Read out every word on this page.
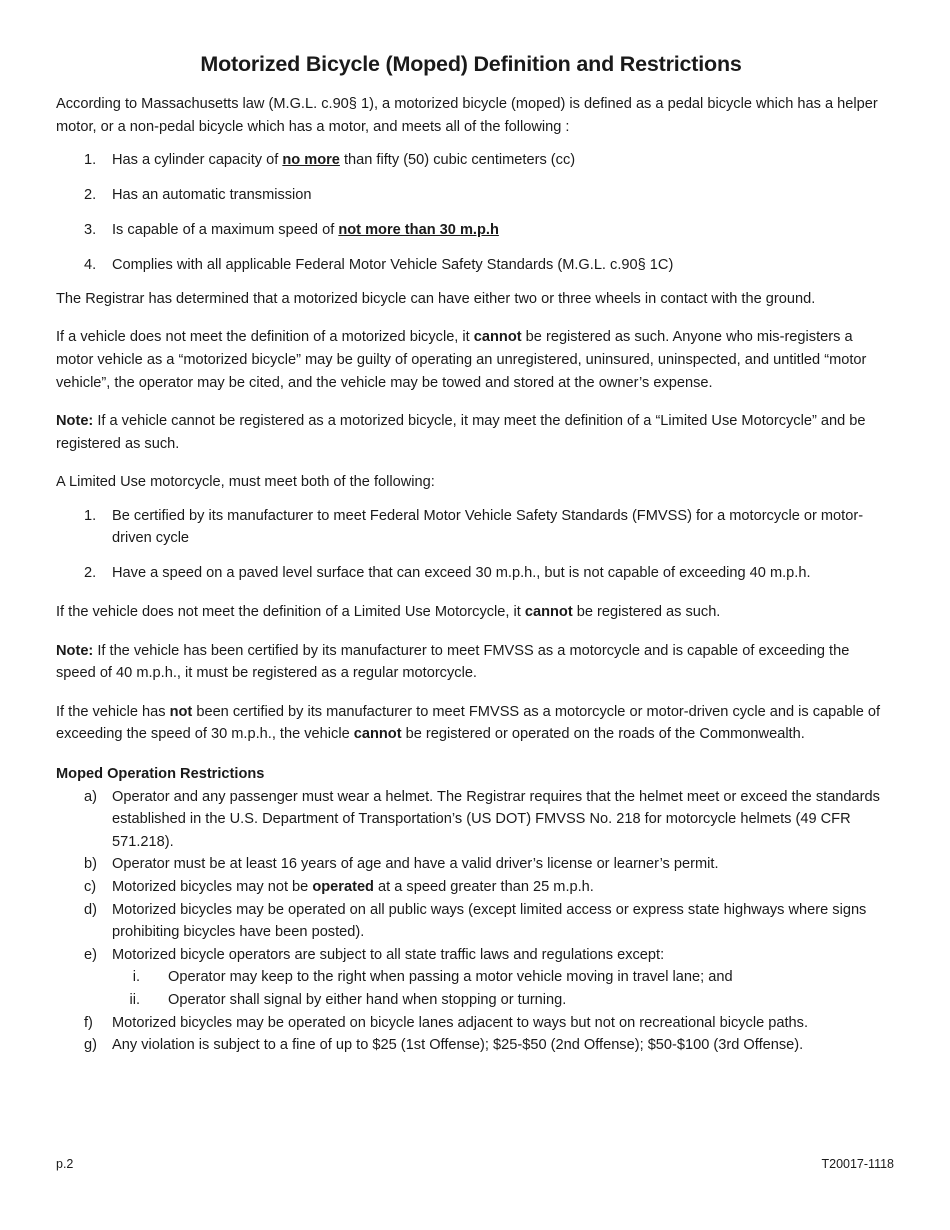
Motorized Bicycle (Moped) Definition and Restrictions

According to Massachusetts law (M.G.L. c.90§ 1), a motorized bicycle (moped) is defined as a pedal bicycle which has a helper motor, or a non-pedal bicycle which has a motor, and meets all of the following :

1. Has a cylinder capacity of no more than fifty (50) cubic centimeters (cc)
2. Has an automatic transmission
3. Is capable of a maximum speed of not more than 30 m.p.h
4. Complies with all applicable Federal Motor Vehicle Safety Standards (M.G.L. c.90§ 1C)

The Registrar has determined that a motorized bicycle can have either two or three wheels in contact with the ground.

If a vehicle does not meet the definition of a motorized bicycle, it cannot be registered as such. Anyone who mis-registers a motor vehicle as a “motorized bicycle” may be guilty of operating an unregistered, uninsured, uninspected, and untitled “motor vehicle”, the operator may be cited, and the vehicle may be towed and stored at the owner’s expense.

Note: If a vehicle cannot be registered as a motorized bicycle, it may meet the definition of a “Limited Use Motorcycle” and be registered as such.

A Limited Use motorcycle, must meet both of the following:

1. Be certified by its manufacturer to meet Federal Motor Vehicle Safety Standards (FMVSS) for a motorcycle or motor-driven cycle
2. Have a speed on a paved level surface that can exceed 30 m.p.h., but is not capable of exceeding 40 m.p.h.

If the vehicle does not meet the definition of a Limited Use Motorcycle, it cannot be registered as such.

Note: If the vehicle has been certified by its manufacturer to meet FMVSS as a motorcycle and is capable of exceeding the speed of 40 m.p.h., it must be registered as a regular motorcycle.

If the vehicle has not been certified by its manufacturer to meet FMVSS as a motorcycle or motor-driven cycle and is capable of exceeding the speed of 30 m.p.h., the vehicle cannot be registered or operated on the roads of the Commonwealth.

Moped Operation Restrictions
a) Operator and any passenger must wear a helmet. The Registrar requires that the helmet meet or exceed the standards established in the U.S. Department of Transportation’s (US DOT) FMVSS No. 218 for motorcycle helmets (49 CFR 571.218).
b) Operator must be at least 16 years of age and have a valid driver’s license or learner’s permit.
c) Motorized bicycles may not be operated at a speed greater than 25 m.p.h.
d) Motorized bicycles may be operated on all public ways (except limited access or express state highways where signs prohibiting bicycles have been posted).
e) Motorized bicycle operators are subject to all state traffic laws and regulations except:
i. Operator may keep to the right when passing a motor vehicle moving in travel lane; and
ii. Operator shall signal by either hand when stopping or turning.
f) Motorized bicycles may be operated on bicycle lanes adjacent to ways but not on recreational bicycle paths.
g) Any violation is subject to a fine of up to $25 (1st Offense); $25-$50 (2nd Offense); $50-$100 (3rd Offense).
p.2	T20017-1118
